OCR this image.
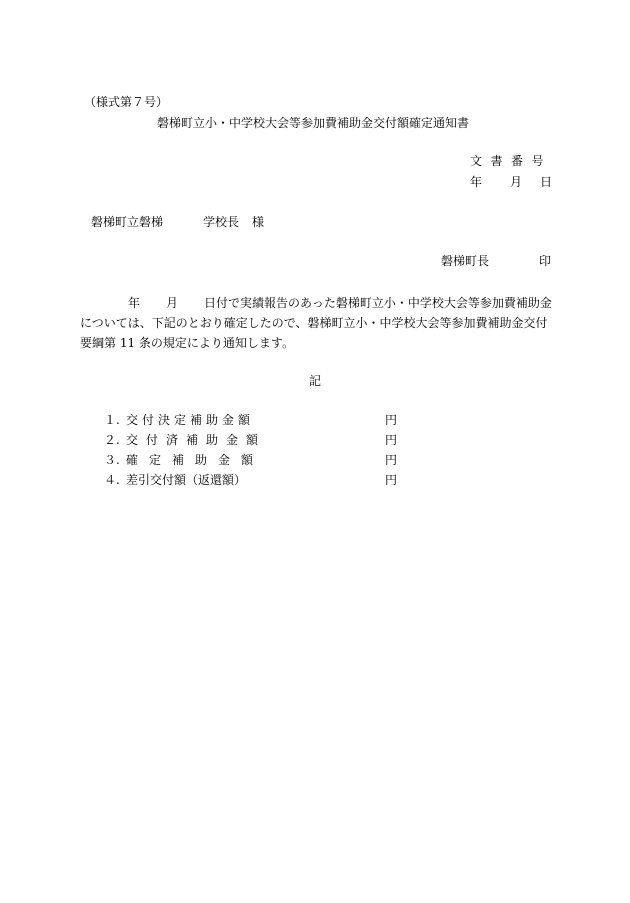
（様式第７号）
磐梯町立小・中学校大会等参加費補助金交付額確定通知書
文書番号
年 月 日
磐梯町立磐梯	学校長 様
磐梯町長	印
年 月 日付で実績報告のあった磐梯町立小・中学校大会等参加費補助金
については、下記のとおり確定したので、磐梯町立小・中学校大会等参加費補助金交付
要綱第 11 条の規定により通知します。
記
１. 交付決定補助金額	円
２. 交付済補助金額	円
３. 確定補助金額	円
４. 差引交付額（返還額）	円
